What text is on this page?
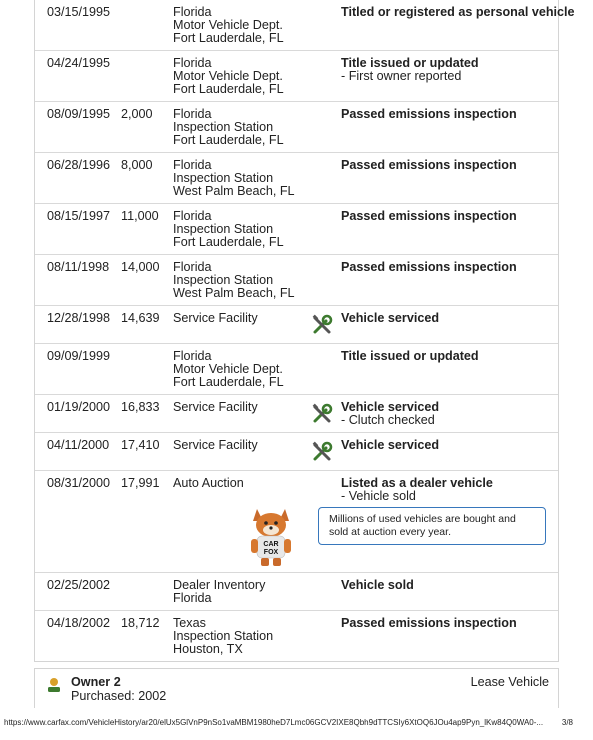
03/15/1995	Florida
Motor Vehicle Dept.
Fort Lauderdale, FL
Titled or registered as personal vehicle
04/24/1995	Florida
Motor Vehicle Dept.
Fort Lauderdale, FL
Title issued or updated
- First owner reported
08/09/1995 2,000 Florida
Inspection Station
Fort Lauderdale, FL
Passed emissions inspection
06/28/1996 8,000 Florida
Inspection Station
West Palm Beach, FL
Passed emissions inspection
08/15/1997 11,000 Florida
Inspection Station
Fort Lauderdale, FL
Passed emissions inspection
08/11/1998 14,000 Florida
Inspection Station
West Palm Beach, FL
Passed emissions inspection
12/28/1998 14,639 Service Facility	Vehicle serviced
09/09/1999	Florida
Motor Vehicle Dept.
Fort Lauderdale, FL
Title issued or updated
01/19/2000 16,833 Service Facility	Vehicle serviced
- Clutch checked
04/11/2000 17,410 Service Facility	Vehicle serviced
08/31/2000 17,991 Auto Auction	Listed as a dealer vehicle
- Vehicle sold
CAR
FOX
Millions of used vehicles are bought and sold at auction every year.
02/25/2002	Dealer Inventory
Florida
Vehicle sold
04/18/2002 18,712 Texas
Inspection Station
Houston, TX
Passed emissions inspection
Owner 2
Purchased: 2002
Lease Vehicle
https://www.carfax.com/VehicleHistory/ar20/elUx5GlVnP9nSo1vaMBM1980heD7Lmc06GCV2IXE8Qbh9dTTCSIy6XtOQ6JOu4ap9Pyn_lKw84Q0WA0-... 3/8
